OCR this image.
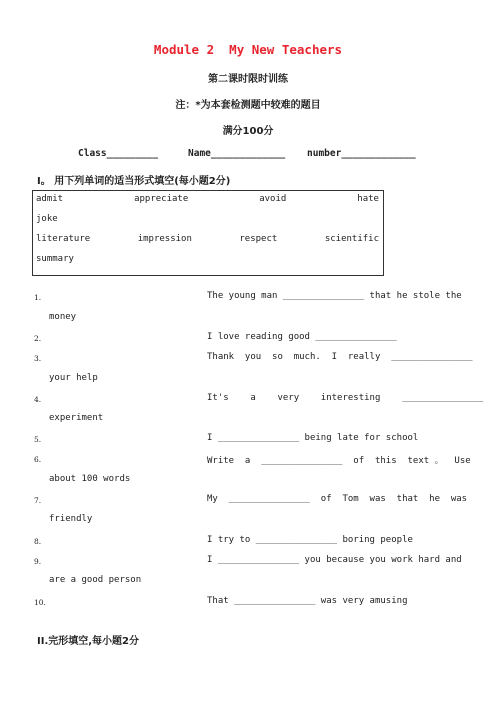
Module 2  My New Teachers
第二课时限时训练
注：*为本套检测题中较难的题目
满分100分
Class_________	Name_____________ number_____________
Ⅰ。 用下列单词的适当形式填空(每小题2分)
admit	appreciate	avoid	hate
joke
literature	impression	respect	scientific
summary
1.	The young man _______________ that he stole the
money
2.	I love reading good _______________
3.	Thank  you  so  much.  I  really  _______________
your help
4.	It's    a    very    interesting    _______________
experiment
5.	I _______________ being late for school
6.	Write  a  _______________  of  this  text 。  Use
about 100 words
7.	My  _______________  of  Tom  was  that  he  was
friendly
8.	I try to _______________ boring people
9.	I _______________ you because you work hard and
are a good person
10.	That _______________ was very amusing
II.完形填空,每小题2分
